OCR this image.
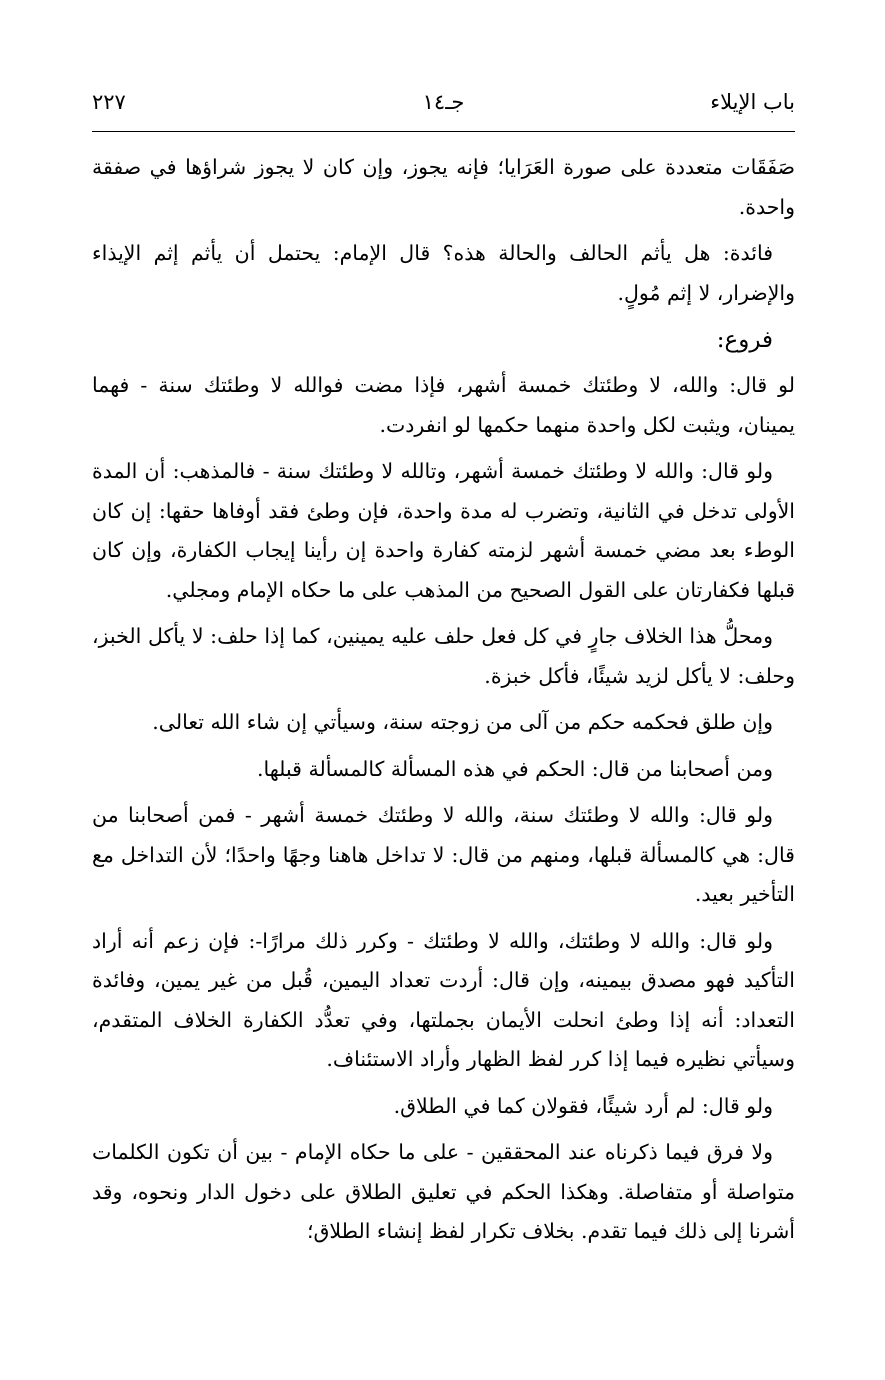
باب الإيلاء
جـ١٤
٢٢٧

صَفَقَات متعددة على صورة العَرَايا؛ فإنه يجوز، وإن كان لا يجوز شراؤها في صفقة واحدة.

فائدة: هل يأثم الحالف والحالة هذه؟ قال الإمام: يحتمل أن يأثم إثم الإيذاء والإضرار، لا إثم مُولٍ.

فروع:

لو قال: والله، لا وطئتك خمسة أشهر، فإذا مضت فوالله لا وطئتك سنة - فهما يمينان، ويثبت لكل واحدة منهما حكمها لو انفردت.

ولو قال: والله لا وطئتك خمسة أشهر، وتالله لا وطئتك سنة - فالمذهب: أن المدة الأولى تدخل في الثانية، وتضرب له مدة واحدة، فإن وطئ فقد أوفاها حقها: إن كان الوطء بعد مضي خمسة أشهر لزمته كفارة واحدة إن رأينا إيجاب الكفارة، وإن كان قبلها فكفارتان على القول الصحيح من المذهب على ما حكاه الإمام ومجلي.

ومحلُّ هذا الخلاف جارٍ في كل فعل حلف عليه يمينين، كما إذا حلف: لا يأكل الخبز، وحلف: لا يأكل لزيد شيئًا، فأكل خبزة.

وإن طلق فحكمه حكم من آلى من زوجته سنة، وسيأتي إن شاء الله تعالى.

ومن أصحابنا من قال: الحكم في هذه المسألة كالمسألة قبلها.

ولو قال: والله لا وطئتك سنة، والله لا وطئتك خمسة أشهر - فمن أصحابنا من قال: هي كالمسألة قبلها، ومنهم من قال: لا تداخل هاهنا وجهًا واحدًا؛ لأن التداخل مع التأخير بعيد.

ولو قال: والله لا وطئتك، والله لا وطئتك - وكرر ذلك مرارًا-: فإن زعم أنه أراد التأكيد فهو مصدق بيمينه، وإن قال: أردت تعداد اليمين، قُبل من غير يمين، وفائدة التعداد: أنه إذا وطئ انحلت الأيمان بجملتها، وفي تعدُّد الكفارة الخلاف المتقدم، وسيأتي نظيره فيما إذا كرر لفظ الظهار وأراد الاستئناف.

ولو قال: لم أرد شيئًا، فقولان كما في الطلاق.

ولا فرق فيما ذكرناه عند المحققين - على ما حكاه الإمام - بين أن تكون الكلمات متواصلة أو متفاصلة. وهكذا الحكم في تعليق الطلاق على دخول الدار ونحوه، وقد أشرنا إلى ذلك فيما تقدم. بخلاف تكرار لفظ إنشاء الطلاق؛
